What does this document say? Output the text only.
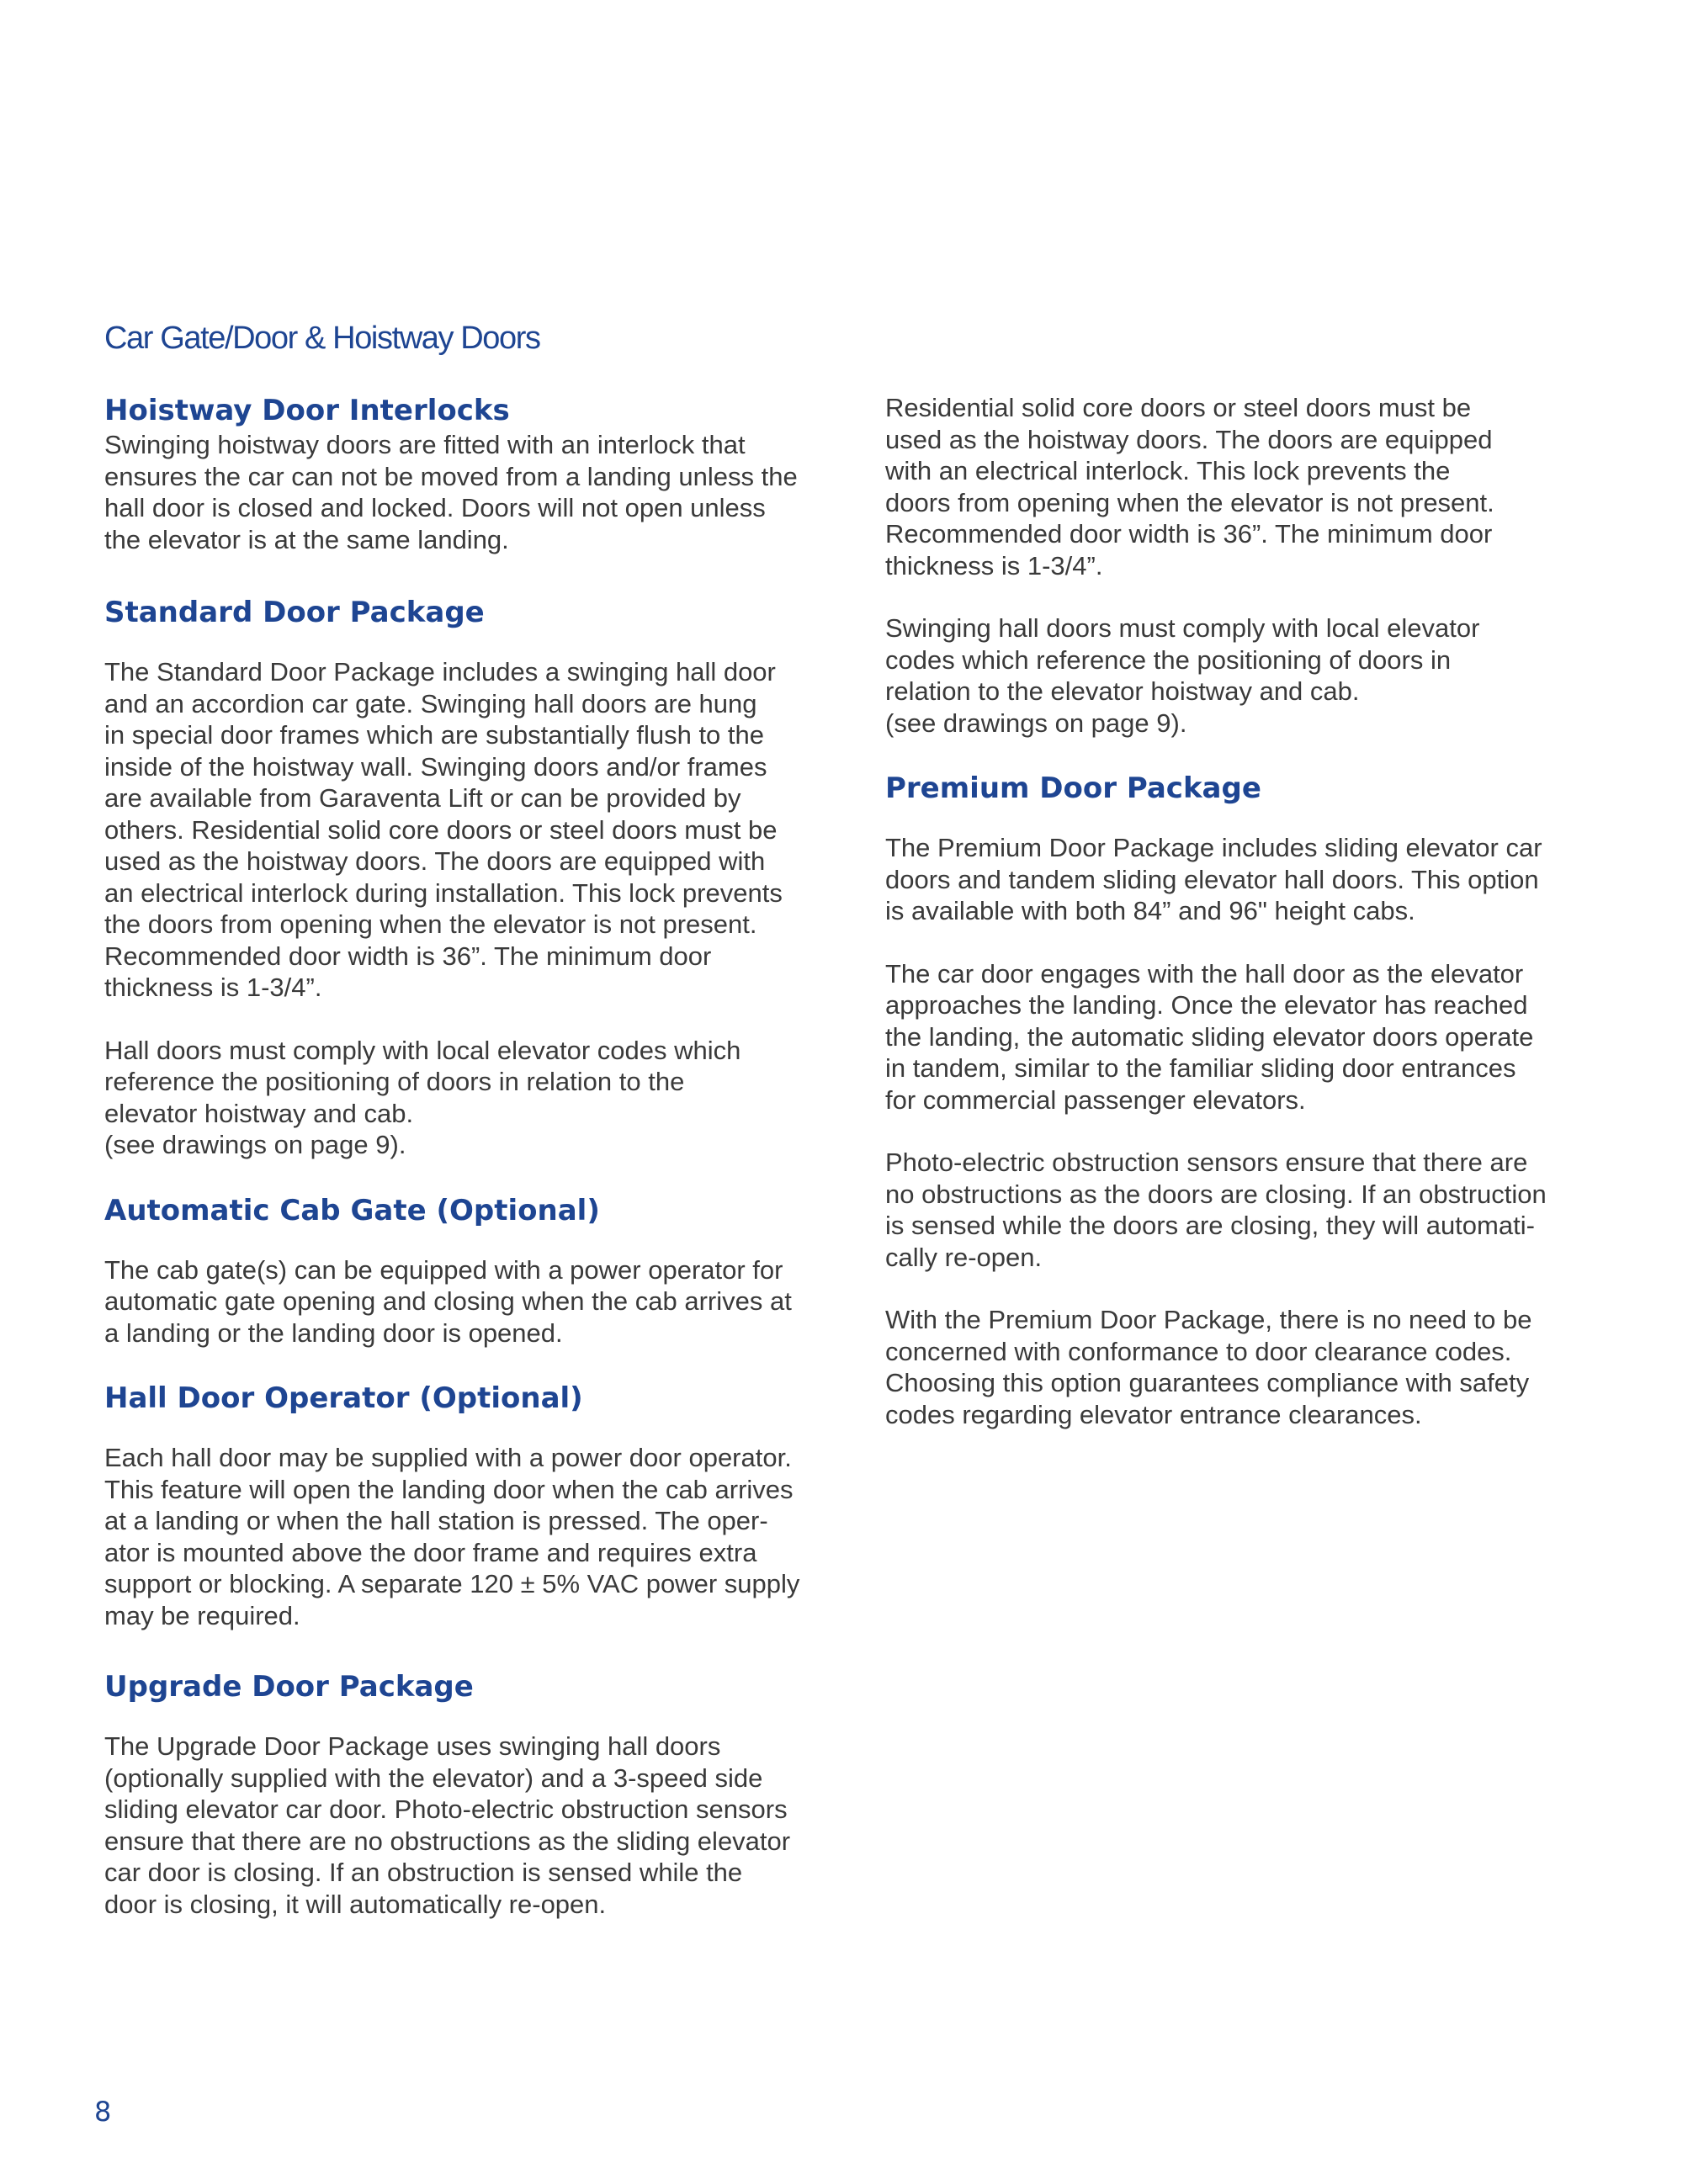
Car Gate/Door & Hoistway Doors
Hoistway Door Interlocks

Swinging hoistway doors are fitted with an interlock that
ensures the car can not be moved from a landing unless the
hall door is closed and locked. Doors will not open unless
the elevator is at the same landing.

Standard Door Package

The Standard Door Package includes a swinging hall door
and an accordion car gate. Swinging hall doors are hung
in special door frames which are substantially flush to the
inside of the hoistway wall. Swinging doors and/or frames
are available from Garaventa Lift or can be provided by
others. Residential solid core doors or steel doors must be
used as the hoistway doors. The doors are equipped with
an electrical interlock during installation. This lock prevents
the doors from opening when the elevator is not present.
Recommended door width is 36”. The minimum door
thickness is 1-3/4”.

Hall doors must comply with local elevator codes which
reference the positioning of doors in relation to the
elevator hoistway and cab.
(see drawings on page 9).

Automatic Cab Gate (Optional)

The cab gate(s) can be equipped with a power operator for
automatic gate opening and closing when the cab arrives at
a landing or the landing door is opened.

Hall Door Operator (Optional)

Each hall door may be supplied with a power door operator.
This feature will open the landing door when the cab arrives
at a landing or when the hall station is pressed. The oper-
ator is mounted above the door frame and requires extra
support or blocking. A separate 120 ± 5% VAC power supply
may be required.

Upgrade Door Package

The Upgrade Door Package uses swinging hall doors
(optionally supplied with the elevator) and a 3-speed side
sliding elevator car door. Photo-electric obstruction sensors
ensure that there are no obstructions as the sliding elevator
car door is closing. If an obstruction is sensed while the
door is closing, it will automatically re-open.

Residential solid core doors or steel doors must be
used as the hoistway doors. The doors are equipped
with an electrical interlock. This lock prevents the
doors from opening when the elevator is not present.
Recommended door width is 36”. The minimum door
thickness is 1-3/4”.

Swinging hall doors must comply with local elevator
codes which reference the positioning of doors in
relation to the elevator hoistway and cab.
(see drawings on page 9).

Premium Door Package

The Premium Door Package includes sliding elevator car
doors and tandem sliding elevator hall doors. This option
is available with both 84” and 96" height cabs.

The car door engages with the hall door as the elevator
approaches the landing. Once the elevator has reached
the landing, the automatic sliding elevator doors operate
in tandem, similar to the familiar sliding door entrances
for commercial passenger elevators.

Photo-electric obstruction sensors ensure that there are
no obstructions as the doors are closing. If an obstruction
is sensed while the doors are closing, they will automati-
cally re-open.

With the Premium Door Package, there is no need to be
concerned with conformance to door clearance codes.
Choosing this option guarantees compliance with safety
codes regarding elevator entrance clearances.

8
